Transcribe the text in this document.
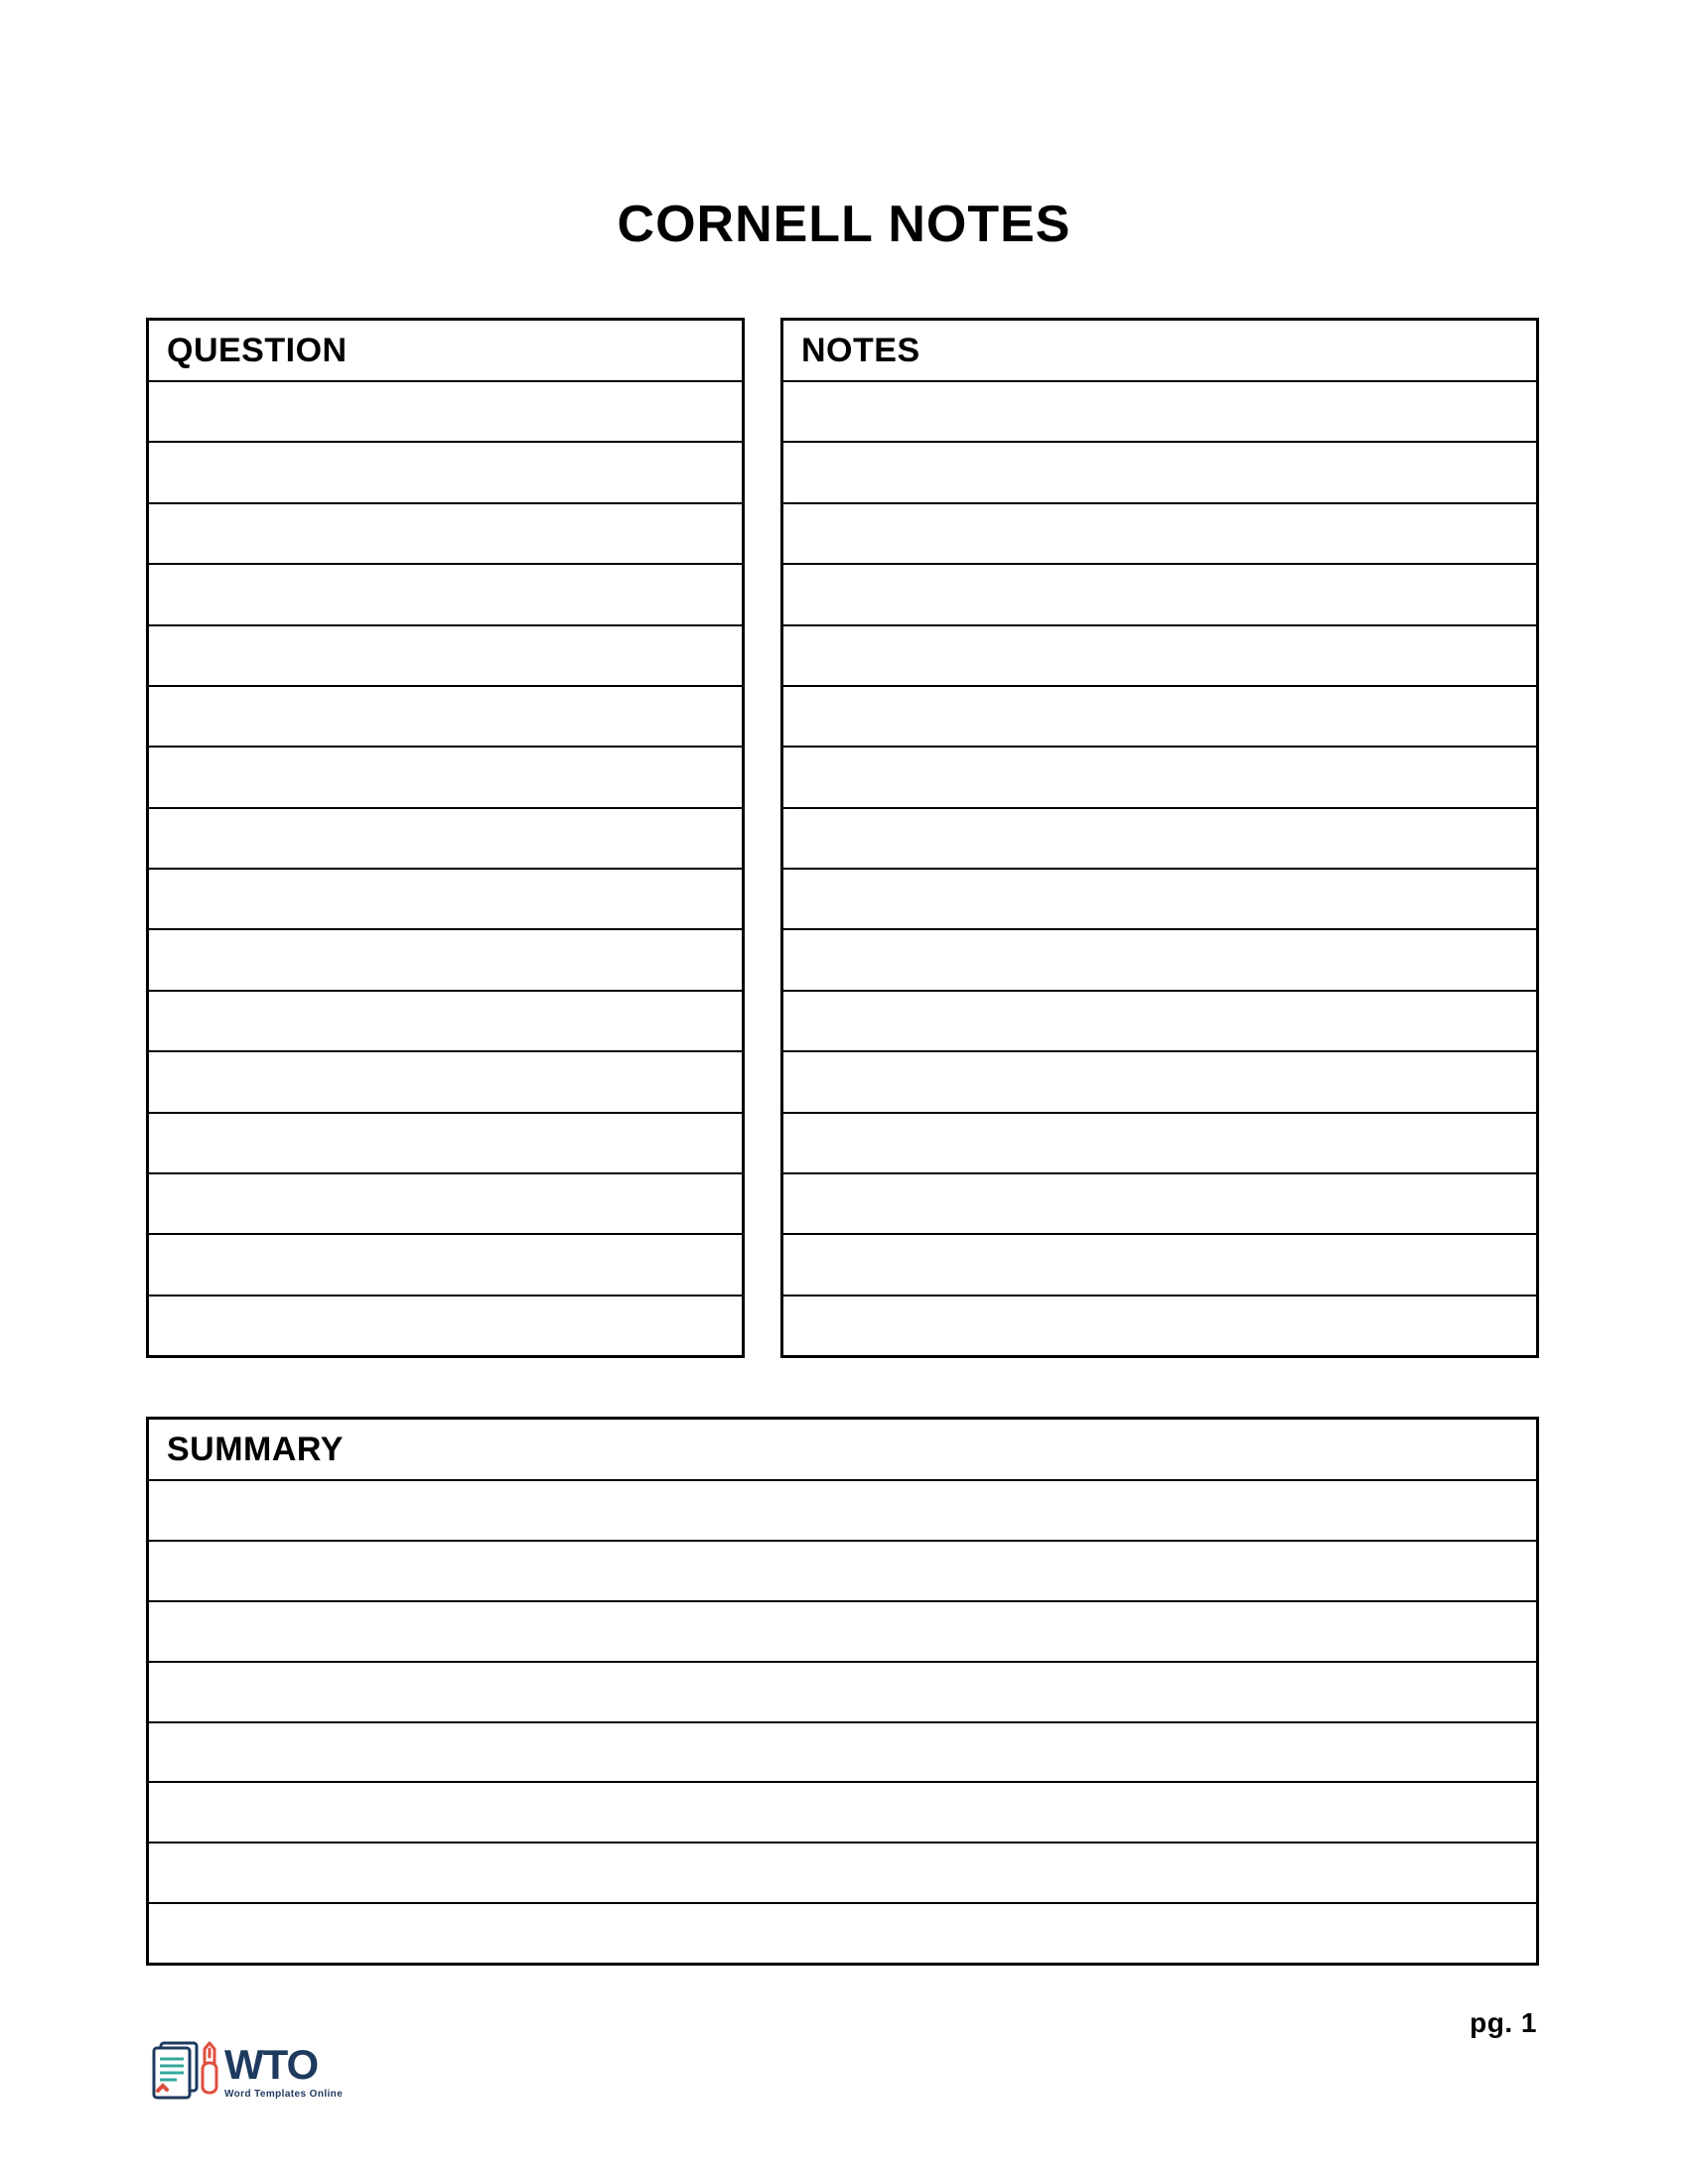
CORNELL NOTES
QUESTION	NOTES
SUMMARY
pg. 1
WTO
Word Templates Online
